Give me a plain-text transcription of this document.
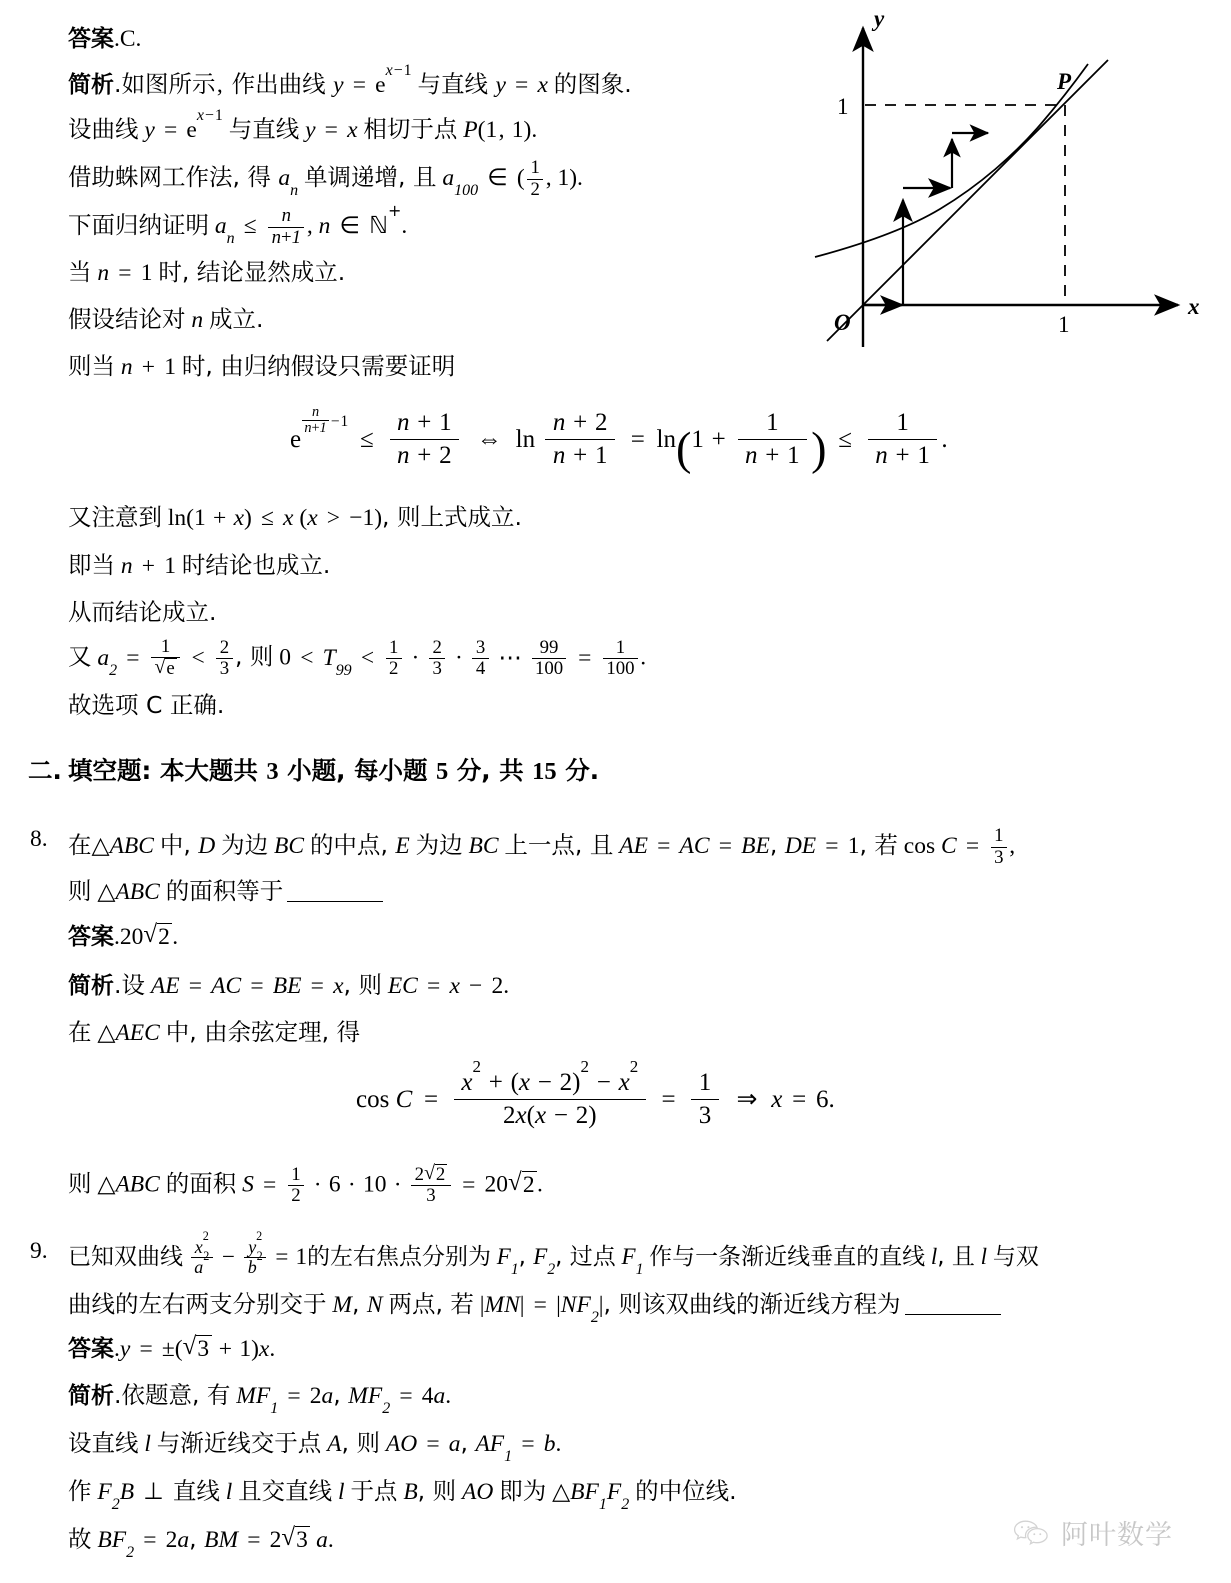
y
x
O
P
1
1
答案.C.
简析.如图所示, 作出曲线 $y = e^{x-1}$ 与直线 y = x 的图象.
设曲线 $y = e^{x-1}$ 与直线 y = x 相切于点 P(1, 1).
借助蛛网工作法, 得 $a_n$ 单调递增, 且 $a_{100}$ ∈ ( $\frac{1}{2}$ , 1).
下面归纳证明 $a_n \le \frac{n}{n+1}$ , n ∈ ℕ+.
当 n = 1 时, 结论显然成立.
假设结论对 n 成立.
则当 n + 1 时, 由归纳假设只需要证明
e
$^{\frac{n}{n+1} -1} \le \frac{n + 1}{n + 2}$ ⇔ $\ln \frac{n + 2}{n + 1} = \ln(1 + \frac{1}{n + 1}$ ) ≤ $\frac{1}{n + 1}$ .
又注意到 ln(1 + x) ≤ x (x > −1), 则上式成立.
即当 n + 1 时结论也成立.
从而结论成立.
又 $a_2 = 1$
√ $e < \frac{2}{3}$ , 则 $0 < T_{99} < \frac{1}{2} \cdot \frac{2}{3} \cdot \frac{3}{4}$ ⋯ $\frac{99}{100} = \frac{1}{100}$ .
故选项 C 正确.
二. 填空题: 本大题共 3 小题, 每小题 5 分, 共 15 分.
8. 在△ABC 中, D 为边 BC 的中点, E 为边 BC 上一点, 且 AE = AC = BE, DE = 1, 若 $\cos C = \frac{1}{3}$ ,
则 △ABC 的面积等于
答案.20 √ 2.
简析.设 AE = AC = BE = x, 则 EC = x − 2.
在 △AEC 中, 由余弦定理, 得
$\cos C = \frac{x^2 + (x - 2)^2 - x^2}{2x(x - 2)} = \frac{1}{3}$ ⇒ x = 6.
则 △ABC 的面积 $S = \frac{1}{2} \cdot 6 \cdot 10 \cdot \frac{2 √ 2}{3} = 20$ √ 2.
9. 已知双曲线 $\frac{x^2}{a^2} - \frac{y^2}{b^2} = 1$的左右焦点分别为 $F_1$, $F_2$, 过点 $F_1$ 作与一条渐近线垂直的直线 l, 且 l 与双
曲线的左右两支分别交于 M, N 两点, 若 $|MN| = |NF_2|$, 则该双曲线的渐近线方程为
答案.y = ±( √ 3 + 1)x.
简析.依题意, 有 $MF_1 = 2a$, $MF_2 = 4a$.
设直线 l 与渐近线交于点 A, 则 AO = a, $AF_1 = b$.
作 $F_2B$ ⊥ 直线 l 且交直线 l 于点 B, 则 AO 即为 $\triangle BF_1F_2$ 的中位线.
故 $BF_2 = 2a$, BM = 2 √ 3 a.	阿叶数学
